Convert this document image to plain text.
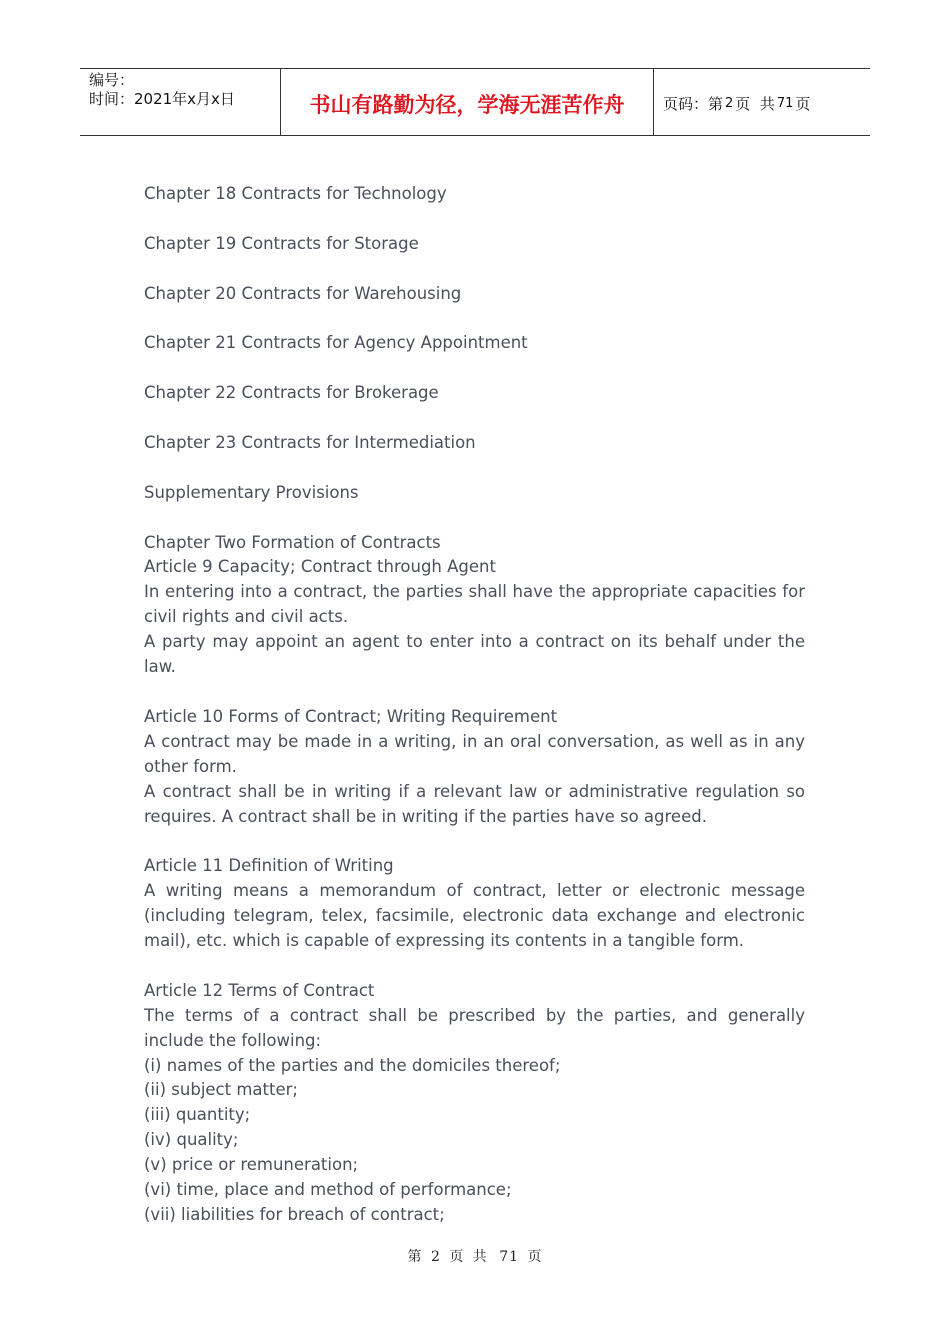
编号：
时间：2021年x月x日	书山有路勤为径，学海无涯苦作舟	页码：第 2 页  共 71 页

Chapter 18 Contracts for Technology

Chapter 19 Contracts for Storage

Chapter 20 Contracts for Warehousing

Chapter 21 Contracts for Agency Appointment

Chapter 22 Contracts for Brokerage

Chapter 23 Contracts for Intermediation

Supplementary Provisions

Chapter Two Formation of Contracts

Article 9 Capacity; Contract through Agent

In entering into a contract, the parties shall have the appropriate capacities for civil rights and civil acts.

A party may appoint an agent to enter into a contract on its behalf under the law.

Article 10 Forms of Contract; Writing Requirement

A contract may be made in a writing, in an oral conversation, as well as in any other form.

A contract shall be in writing if a relevant law or administrative regulation so requires. A contract shall be in writing if the parties have so agreed.

Article 11 Definition of Writing

A writing means a memorandum of contract, letter or electronic message (including telegram, telex, facsimile, electronic data exchange and electronic mail), etc. which is capable of expressing its contents in a tangible form.

Article 12 Terms of Contract

The terms of a contract shall be prescribed by the parties, and generally include the following:

(i) names of the parties and the domiciles thereof;

(ii) subject matter;

(iii) quantity;

(iv) quality;

(v) price or remuneration;

(vi) time, place and method of performance;

(vii) liabilities for breach of contract;

第 2 页 共 71 页
